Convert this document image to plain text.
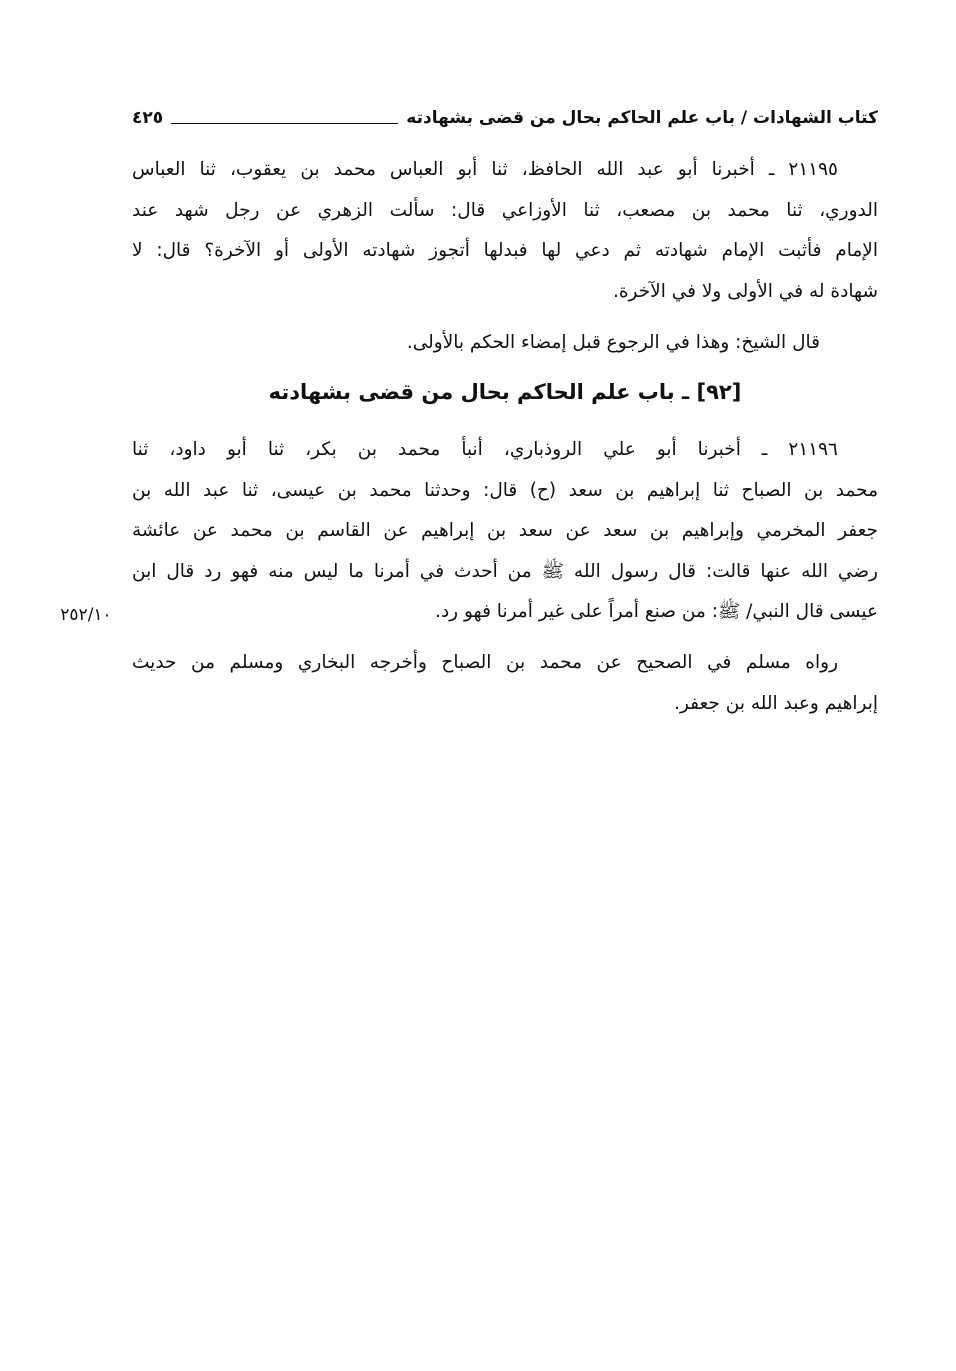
كتاب الشهادات / باب علم الحاكم بحال من قضى بشهادته
٤٢٥
٢١١٩٥ ـ أخبرنا أبو عبد الله الحافظ، ثنا أبو العباس محمد بن يعقوب، ثنا العباس
الدوري، ثنا محمد بن مصعب، ثنا الأوزاعي قال: سألت الزهري عن رجل شهد عند
الإمام فأثبت الإمام شهادته ثم دعي لها فبدلها أتجوز شهادته الأولى أو الآخرة؟ قال: لا
شهادة له في الأولى ولا في الآخرة.
قال الشيخ: وهذا في الرجوع قبل إمضاء الحكم بالأولى.
[٩٢] ـ باب علم الحاكم بحال من قضى بشهادته
٢١١٩٦ ـ أخبرنا أبو علي الروذباري، أنبأ محمد بن بكر، ثنا أبو داود، ثنا
محمد بن الصباح ثنا إبراهيم بن سعد (ح) قال: وحدثنا محمد بن عيسى، ثنا عبد الله بن
جعفر المخرمي وإبراهيم بن سعد عن سعد بن إبراهيم عن القاسم بن محمد عن عائشة
رضي الله عنها قالت: قال رسول الله ﷺ من أحدث في أمرنا ما ليس منه فهو رد قال ابن
عيسى قال النبي/ ﷺ: من صنع أمراً على غير أمرنا فهو رد.
٢٥٢/١٠
رواه مسلم في الصحيح عن محمد بن الصباح وأخرجه البخاري ومسلم من حديث
إبراهيم وعبد الله بن جعفر.
